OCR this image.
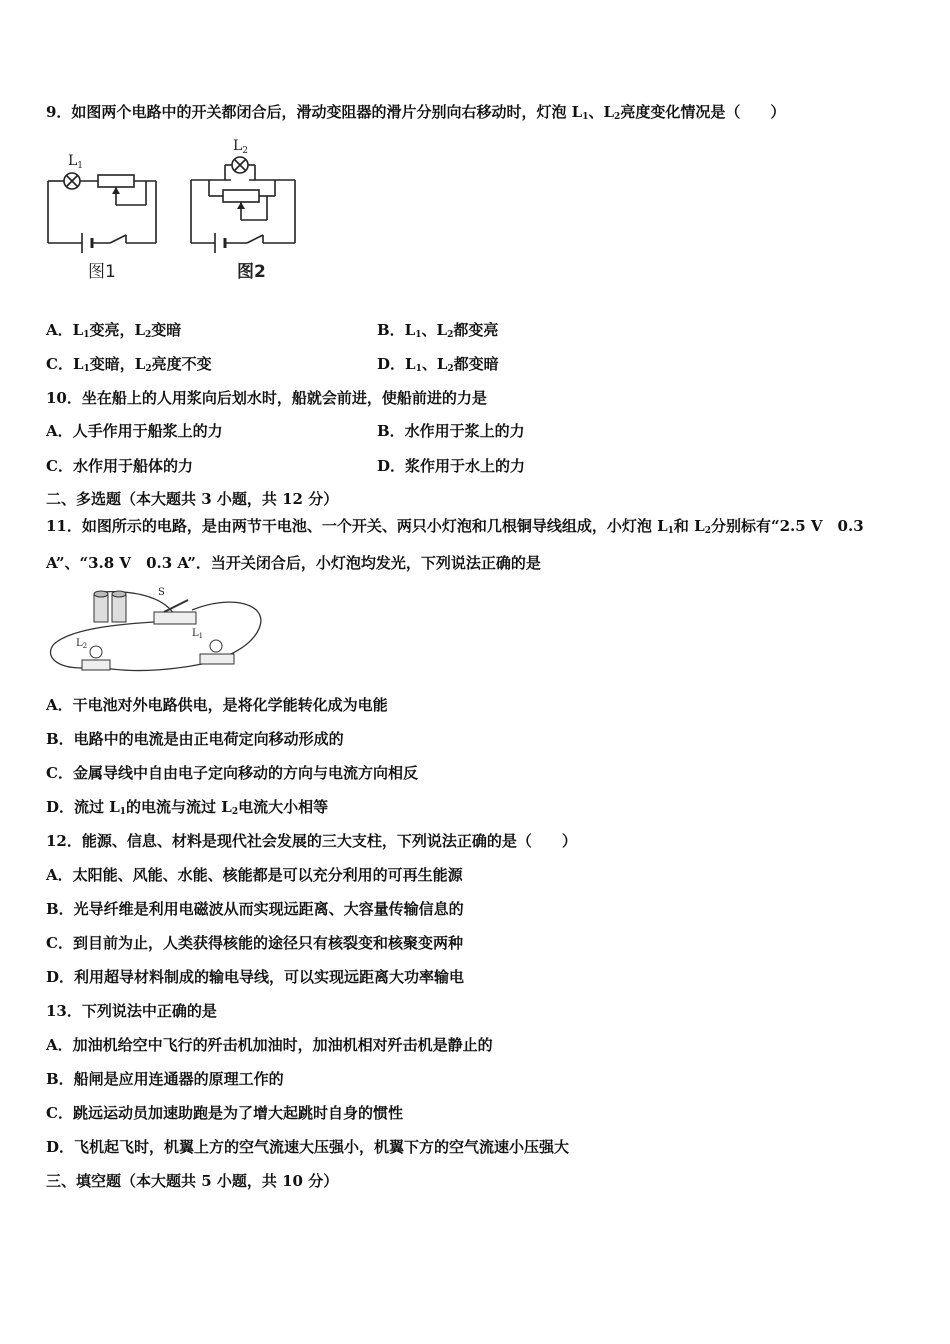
9．如图两个电路中的开关都闭合后，滑动变阻器的滑片分别向右移动时，灯泡 $L_1$、$L_2$亮度变化情况是（　　）
$L_1$
图1
$L_2$
图2
A．$L_1$变亮，$L_2$变暗	B．$L_1$、$L_2$都变亮
C．$L_1$变暗，$L_2$亮度不变	D．$L_1$、$L_2$都变暗
10．坐在船上的人用浆向后划水时，船就会前进，使船前进的力是
A．人手作用于船浆上的力	B．水作用于浆上的力
C．水作用于船体的力	D．浆作用于水上的力
二、多选题（本大题共 3 小题，共 12 分）
11．如图所示的电路，是由两节干电池、一个开关、两只小灯泡和几根铜导线组成，小灯泡 $L_1$和 $L_2$分别标有“2.5 V　0.3
A”、“3.8 V　0.3 A”．当开关闭合后，小灯泡均发光，下列说法正确的是
S
$L_1$
$L_2$
A．干电池对外电路供电，是将化学能转化成为电能
B．电路中的电流是由正电荷定向移动形成的
C．金属导线中自由电子定向移动的方向与电流方向相反
D．流过 $L_1$的电流与流过 $L_2$电流大小相等
12．能源、信息、材料是现代社会发展的三大支柱，下列说法正确的是（　　）
A．太阳能、风能、水能、核能都是可以充分利用的可再生能源
B．光导纤维是利用电磁波从而实现远距离、大容量传输信息的
C．到目前为止，人类获得核能的途径只有核裂变和核聚变两种
D．利用超导材料制成的输电导线，可以实现远距离大功率输电
13．下列说法中正确的是
A．加油机给空中飞行的歼击机加油时，加油机相对歼击机是静止的
B．船闸是应用连通器的原理工作的
C．跳远运动员加速助跑是为了增大起跳时自身的惯性
D．飞机起飞时，机翼上方的空气流速大压强小，机翼下方的空气流速小压强大
三、填空题（本大题共 5 小题，共 10 分）
